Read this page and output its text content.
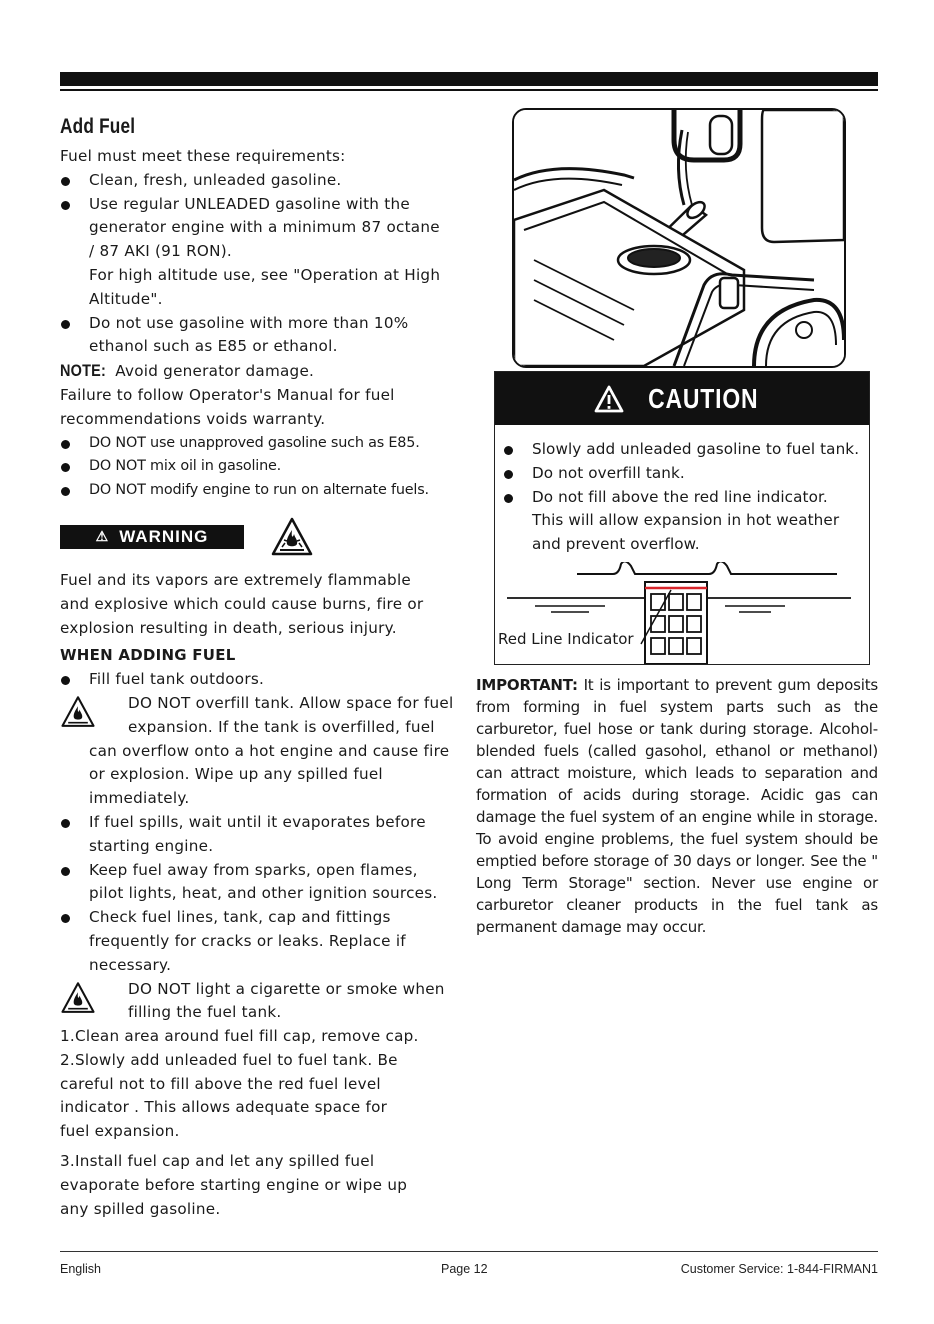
Add Fuel

Fuel must meet these requirements:

Clean, fresh, unleaded gasoline.
Use regular UNLEADED gasoline with the
generator engine with a minimum 87 octane
/ 87 AKI (91 RON).
For high altitude use, see "Operation at High
Altitude".
Do not use gasoline with more than 10%
ethanol such as E85 or ethanol.

NOTE: Avoid generator damage.

Failure to follow Operator's Manual for fuel

recommendations voids warranty.

DO NOT use unapproved gasoline such as E85.
DO NOT mix oil in gasoline.
DO NOT modify engine to run on alternate fuels.
⚠ WARNING

Fuel and its vapors are extremely flammable

and explosive which could cause burns, fire or

explosion resulting in death, serious injury.

WHEN ADDING FUEL
Fill fuel tank outdoors.
DO NOT overfill tank. Allow space for fuel
expansion. If the tank is overfilled, fuel
can overflow onto a hot engine and cause fire
or explosion. Wipe up any spilled fuel
immediately.
If fuel spills, wait until it evaporates before
starting engine.
Keep fuel away from sparks, open flames,
pilot lights, heat, and other ignition sources.
Check fuel lines, tank, cap and fittings
frequently for cracks or leaks. Replace if
necessary.
DO NOT light a cigarette or smoke when
filling the fuel tank.

1.Clean area around fuel fill cap, remove cap.

2.Slowly add unleaded fuel to fuel tank. Be

careful not to fill above the red fuel level

indicator . This allows adequate space for

fuel expansion.

3.Install fuel cap and let any spilled fuel

evaporate before starting engine or wipe up

any spilled gasoline.

CAUTION
Slowly add unleaded gasoline to fuel tank.
Do not overfill tank.
Do not fill above the red line indicator.
This will allow expansion in hot weather
and prevent overflow.
Red Line Indicator
IMPORTANT: It is important to prevent gum deposits from forming in fuel system parts such as the carburetor, fuel hose or tank during storage. Alcohol-blended fuels (called gasohol, ethanol or methanol) can attract moisture, which leads to separation and formation of acids during storage. Acidic gas can damage the fuel system of an engine while in storage. To avoid engine problems, the fuel system should be emptied before storage of 30 days or longer. See the " Long Term Storage" section. Never use engine or carburetor cleaner products in the fuel tank as permanent damage may occur.
English	Page 12	Customer Service: 1-844-FIRMAN1
